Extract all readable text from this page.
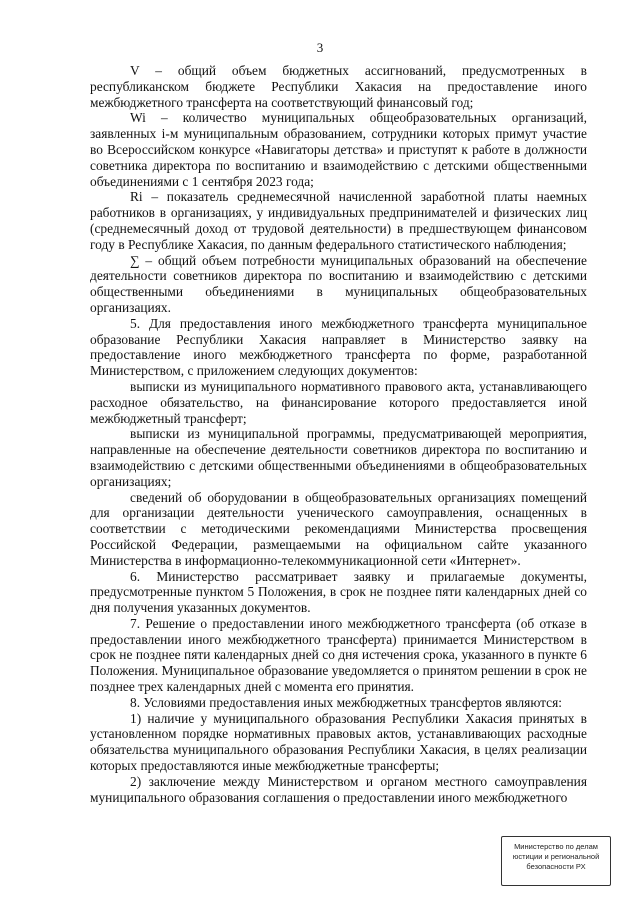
3

V – общий объем бюджетных ассигнований, предусмотренных в республиканском бюджете Республики Хакасия на предоставление иного межбюджетного трансферта на соответствующий финансовый год;

Wi – количество муниципальных общеобразовательных организаций, заявленных i-м муниципальным образованием, сотрудники которых примут участие во Всероссийском конкурсе «Навигаторы детства» и приступят к работе в должности советника директора по воспитанию и взаимодействию с детскими общественными объединениями с 1 сентября 2023 года;

Ri – показатель среднемесячной начисленной заработной платы наемных работников в организациях, у индивидуальных предпринимателей и физических лиц (среднемесячный доход от трудовой деятельности) в предшествующем финансовом году в Республике Хакасия, по данным федерального статистического наблюдения;

∑ – общий объем потребности муниципальных образований на обеспечение деятельности советников директора по воспитанию и взаимодействию с детскими общественными объединениями в муниципальных общеобразовательных организациях.

5. Для предоставления иного межбюджетного трансферта муниципальное образование Республики Хакасия направляет в Министерство заявку на предоставление иного межбюджетного трансферта по форме, разработанной Министерством, с приложением следующих документов:

выписки из муниципального нормативного правового акта, устанавливающего расходное обязательство, на финансирование которого предоставляется иной межбюджетный трансферт;

выписки из муниципальной программы, предусматривающей мероприятия, направленные на обеспечение деятельности советников директора по воспитанию и взаимодействию с детскими общественными объединениями в общеобразовательных организациях;

сведений об оборудовании в общеобразовательных организациях помещений для организации деятельности ученического самоуправления, оснащенных в соответствии с методическими рекомендациями Министерства просвещения Российской Федерации, размещаемыми на официальном сайте указанного Министерства в информационно-телекоммуникационной сети «Интернет».

6. Министерство рассматривает заявку и прилагаемые документы, предусмотренные пунктом 5 Положения, в срок не позднее пяти календарных дней со дня получения указанных документов.

7. Решение о предоставлении иного межбюджетного трансферта (об отказе в предоставлении иного межбюджетного трансферта) принимается Министерством в срок не позднее пяти календарных дней со дня истечения срока, указанного в пункте 6 Положения. Муниципальное образование уведомляется о принятом решении в срок не позднее трех календарных дней с момента его принятия.

8. Условиями предоставления иных межбюджетных трансфертов являются:

1) наличие у муниципального образования Республики Хакасия принятых в установленном порядке нормативных правовых актов, устанавливающих расходные обязательства муниципального образования Республики Хакасия, в целях реализации которых предоставляются иные межбюджетные трансферты;

2) заключение между Министерством и органом местного самоуправления муниципального образования соглашения о предоставлении иного межбюджетного

Министерство по делам
юстиции и региональной
безопасности РХ
